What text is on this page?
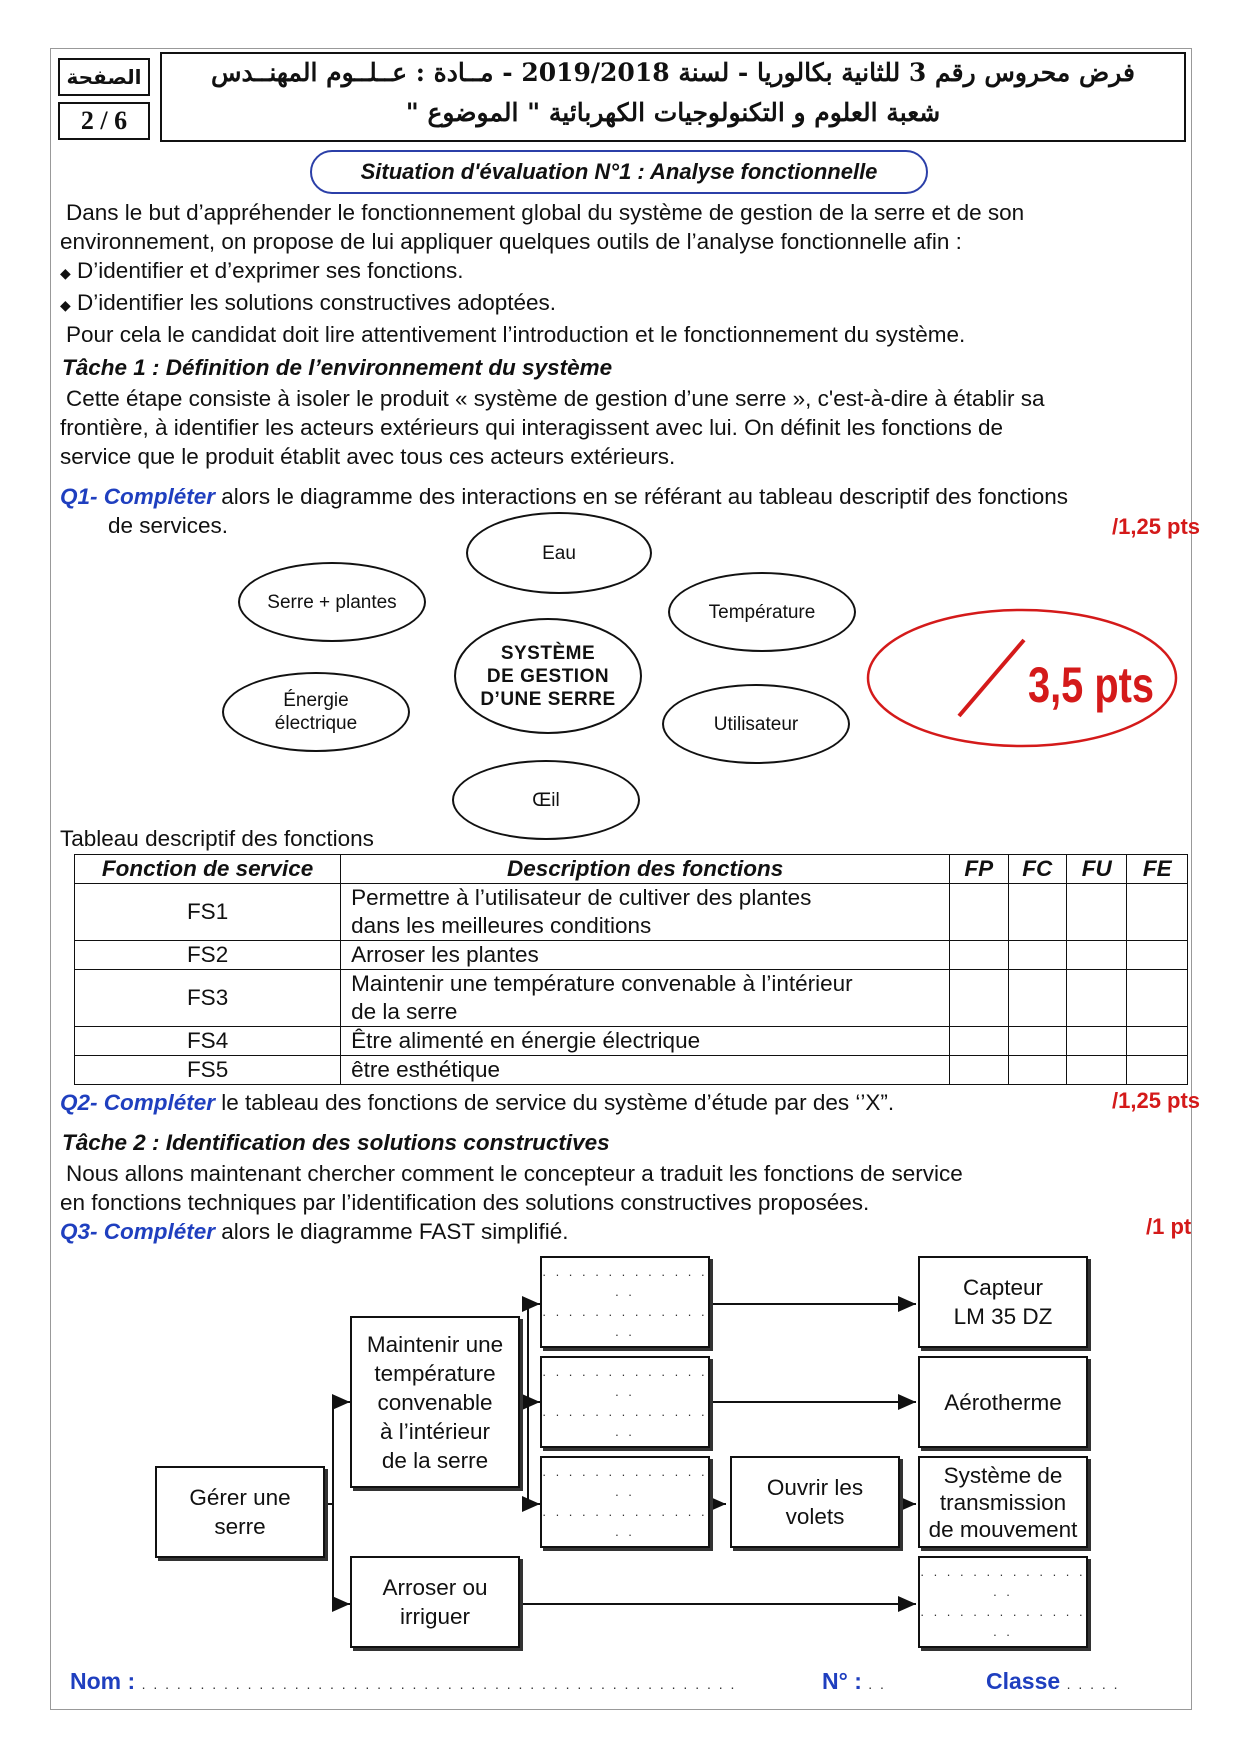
الصفحة
2 / 6
فرض محروس رقم 3 للثانية بكالوريا - لسنة 2019/2018 - مــادة : عــلــوم المهنــدس
شعبة العلوم و التكنولوجيات الكهربائية " الموضوع "
Situation d'évaluation N°1 : Analyse fonctionnelle
Dans le but d’appréhender le fonctionnement global du système de gestion de la serre et de son
environnement, on propose de lui appliquer quelques outils de l’analyse fonctionnelle afin :
◆ D’identifier et d’exprimer ses fonctions.
◆ D’identifier les solutions constructives adoptées.
Pour cela le candidat doit lire attentivement l’introduction et le fonctionnement du système.
Tâche 1 : Définition de l’environnement du système
Cette étape consiste à isoler le produit « système de gestion d’une serre », c'est-à-dire à établir sa
frontière, à identifier les acteurs extérieurs qui interagissent avec lui. On définit les fonctions de
service que le produit établit avec tous ces acteurs extérieurs.
Q1- Compléter alors le diagramme des interactions en se référant au tableau descriptif des fonctions
de services.	/1,25 pts
Eau
Serre + plantes	Température
SYSTÈME
DE GESTION
D’UNE SERRE
Énergie
électrique	Utilisateur
Œil
3,5 pts
Tableau descriptif des fonctions
Fonction de service	Description des fonctions	FP	FC	FU	FE
FS1	Permettre à l’utilisateur de cultiver des plantes
dans les meilleures conditions				

FS2	Arroser les plantes				
FS3	Maintenir une température convenable à l’intérieur
de la serre				

FS4	Être alimenté en énergie électrique				
FS5	être esthétique				
Q2- Compléter le tableau des fonctions de service du système d’étude par des ‘’X”.	/1,25 pts
Tâche 2 : Identification des solutions constructives
Nous allons maintenant chercher comment le concepteur a traduit les fonctions de service
en fonctions techniques par l’identification des solutions constructives proposées.
Q3- Compléter alors le diagramme FAST simplifié.	/1 pt
Gérer une
serre
Maintenir une
température
convenable
à l’intérieur
de la serre
Arroser ou
irriguer
. . . . . . . . . . . . . . .
. . . . . . . . . . . . . . .
. . . . . . . . . . . . . . .
. . . . . . . . . . . . . . .
. . . . . . . . . . . . . . .
. . . . . . . . . . . . . . .
Ouvrir les
volets
Capteur
LM 35 DZ
Aérotherme
Système de
transmission
de mouvement
. . . . . . . . . . . . . . .
. . . . . . . . . . . . . . .
Nom : . . . . . . . . . . . . . . . . . . . . . . . . . . . . . . . . . . . . . . . . . . . . . . . . . . .	N° : . .	Classe . . . . .
